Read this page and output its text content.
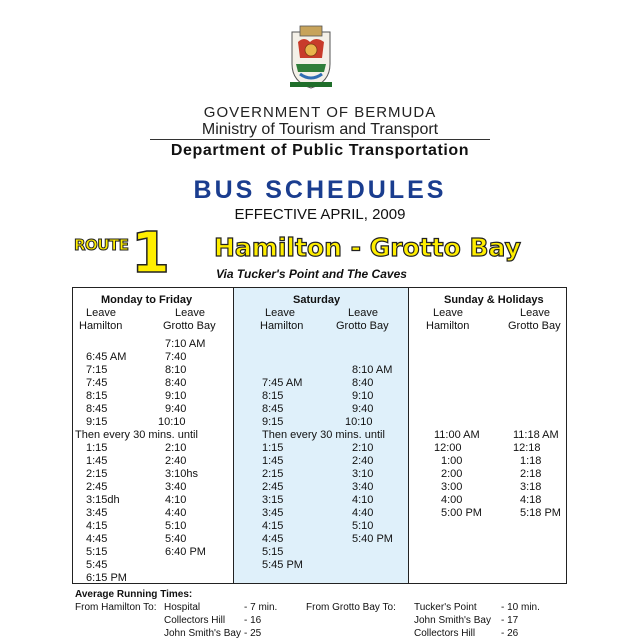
GOVERNMENT OF BERMUDA
Ministry of Tourism and Transport
Department of Public Transportation
BUS SCHEDULES
EFFECTIVE APRIL, 2009
ROUTE 1 Hamilton - Grotto Bay
Via Tucker's Point and The Caves
Monday to Friday
Leave
Hamilton
Leave
Grotto Bay
Saturday
Leave
Hamilton
Leave
Grotto Bay
Sunday & Holidays
Leave
Hamilton
Leave
Grotto Bay
6:45 AM
7:15
7:45
8:15
8:45
9:15
7:10 AM
7:40
8:10
8:40
9:10
9:40
10:10
Then every 30 mins. until
1:15
1:45
2:15
2:45
3:15dh
3:45
4:15
4:45
5:15
5:45
6:15 PM
2:10
2:40
3:10hs
3:40
4:10
4:40
5:10
5:40
6:40 PM
8:10 AM
8:40
9:10
9:40
10:10
7:45 AM
8:15
8:45
9:15
Then every 30 mins. until
1:15
1:45
2:15
2:45
3:15
3:45
4:15
4:45
5:15
5:45 PM
2:10
2:40
3:10
3:40
4:10
4:40
5:10
5:40 PM
11:00 AM
12:00
1:00
2:00
3:00
4:00
5:00 PM
11:18 AM
12:18
1:18
2:18
3:18
4:18
5:18 PM
Average Running Times:
From Hamilton To: Hospital	- 7 min.
Collectors Hill - 16
John Smith's Bay - 25
From Grotto Bay To: Tucker's Point - 10 min.
John Smith's Bay - 17
Collectors Hill	- 26
